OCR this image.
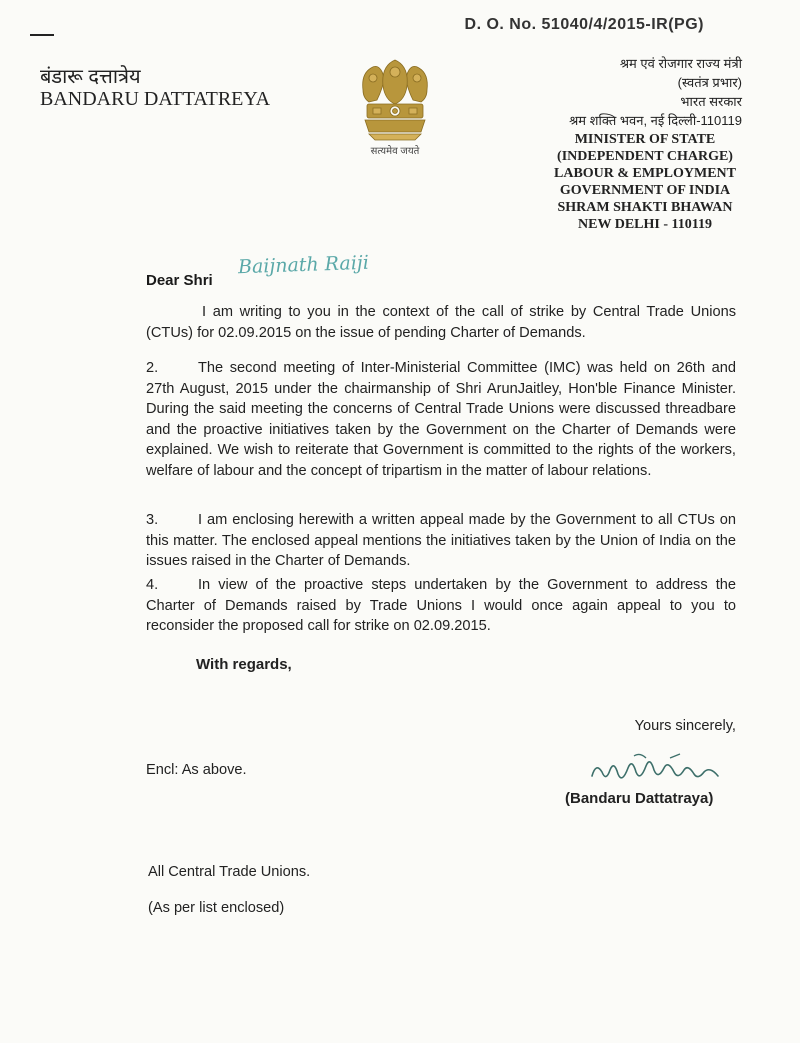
D. O. No. 51040/4/2015-IR(PG)
बंडारू दत्तात्रेय
BANDARU DATTATREYA
सत्यमेव जयते
श्रम एवं रोजगार राज्य मंत्री
(स्वतंत्र प्रभार)
भारत सरकार
श्रम शक्ति भवन, नई दिल्ली-110119
MINISTER OF STATE
(INDEPENDENT CHARGE)
LABOUR & EMPLOYMENT
GOVERNMENT OF INDIA
SHRAM SHAKTI BHAWAN
NEW DELHI - 110119
Dear Shri
Baijnath Raiji
I am writing to you in the context of the call of strike by Central Trade Unions (CTUs) for 02.09.2015 on the issue of pending Charter of Demands.
2.	The second meeting of Inter-Ministerial Committee (IMC) was held on 26th and 27th August, 2015 under the chairmanship of Shri ArunJaitley, Hon'ble Finance Minister. During the said meeting the concerns of Central Trade Unions were discussed threadbare and the proactive initiatives taken by the Government on the Charter of Demands were explained. We wish to reiterate that Government is committed to the rights of the workers, welfare of labour and the concept of tripartism in the matter of labour relations.
3.	I am enclosing herewith a written appeal made by the Government to all CTUs on this matter. The enclosed appeal mentions the initiatives taken by the Union of India on the issues raised in the Charter of Demands.
4.	In view of the proactive steps undertaken by the Government to address the Charter of Demands raised by Trade Unions I would once again appeal to you to reconsider the proposed call for strike on 02.09.2015.
With regards,
Yours sincerely,
Encl: As above.
(Bandaru Dattatraya)
All Central Trade Unions.
(As per list enclosed)
